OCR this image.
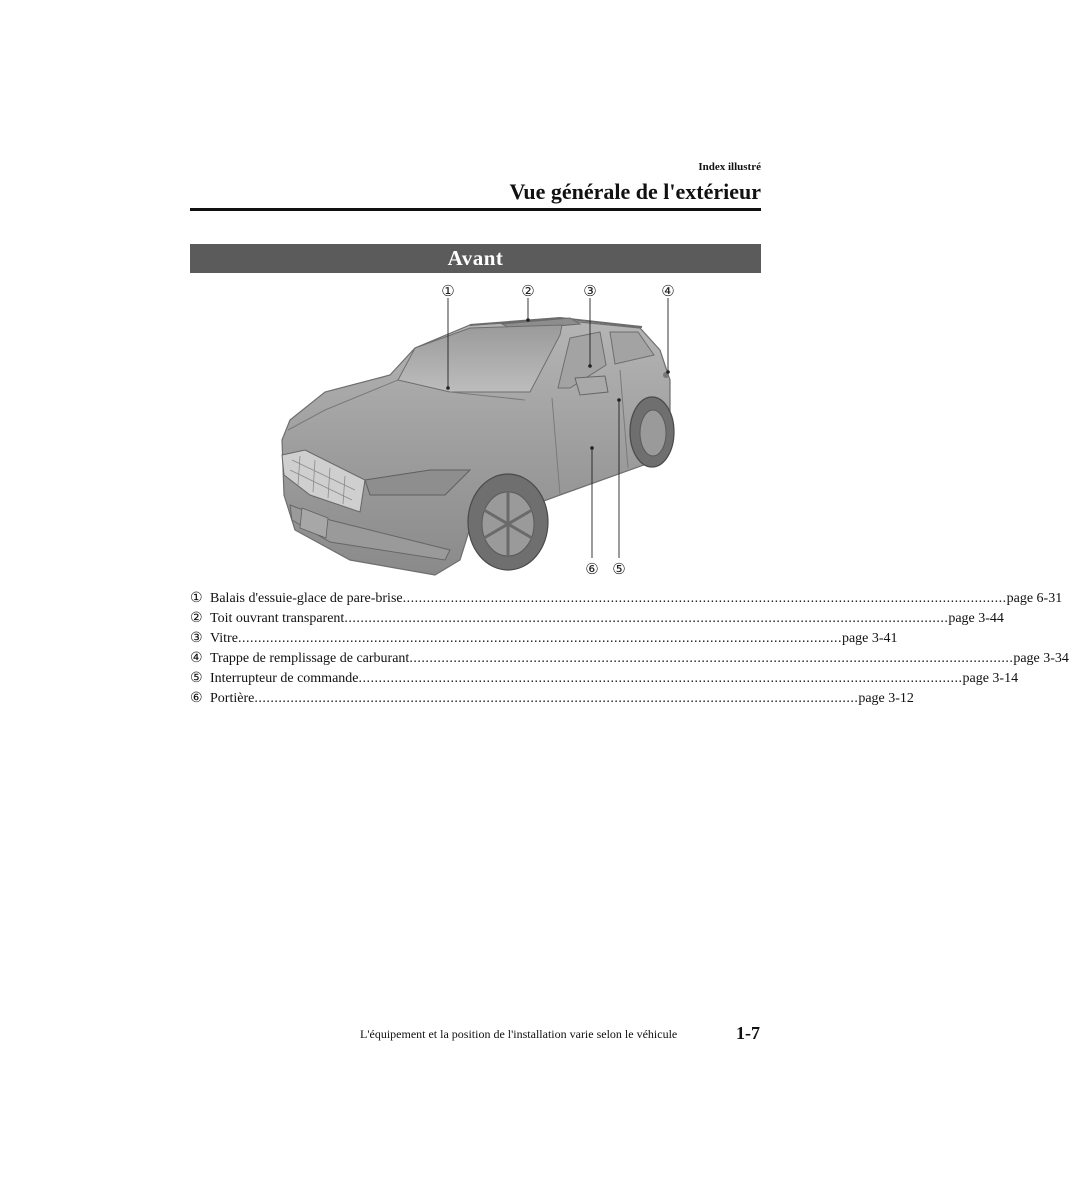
Index illustré
Vue générale de l'extérieur
Avant
①	②	③	④
⑥ ⑤
① Balais d'essuie-glace de pare-brise ....................................................................................................................................................... page 6-31
② Toit ouvrant transparent ....................................................................................................................................................... page 3-44
③ Vitre ....................................................................................................................................................... page 3-41
④ Trappe de remplissage de carburant ....................................................................................................................................................... page 3-34
⑤ Interrupteur de commande ....................................................................................................................................................... page 3-14
⑥ Portière ....................................................................................................................................................... page 3-12
L'équipement et la position de l'installation varie selon le véhicule	1-7
